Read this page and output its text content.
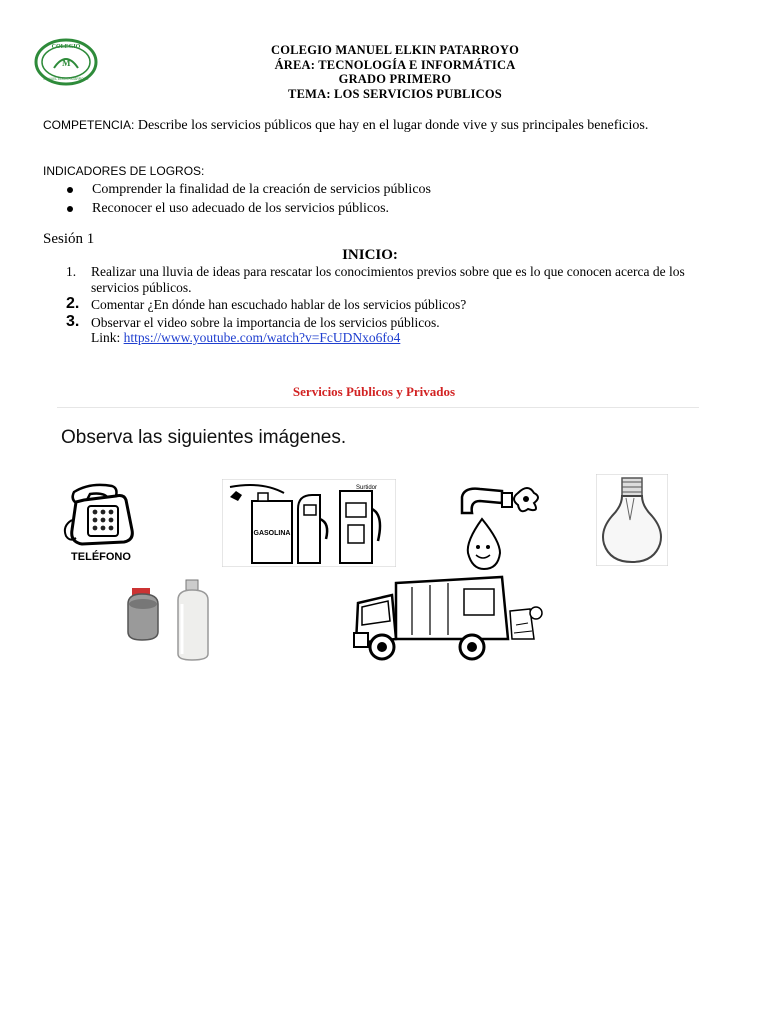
COLEGIO
M
MANUEL ELKIN PATARROYO
COLEGIO MANUEL ELKIN PATARROYO
ÁREA: TECNOLOGÍA E INFORMÁTICA
GRADO PRIMERO
TEMA: LOS SERVICIOS PUBLICOS
COMPETENCIA: Describe los servicios públicos que hay en el lugar donde vive y sus principales beneficios.
INDICADORES DE LOGROS:
Comprender la finalidad de la creación de servicios públicos
Reconocer el uso adecuado de los servicios públicos.
Sesión 1
INICIO:
1. Realizar una lluvia de ideas para rescatar los conocimientos previos sobre que es lo que conocen acerca de los servicios públicos.
2. Comentar ¿En dónde han escuchado hablar de los servicios públicos?
3. Observar el video sobre la importancia de los servicios públicos.
Link: https://www.youtube.com/watch?v=FcUDNxo6fo4
Servicios Públicos y Privados
Observa las siguientes imágenes.
TELÉFONO
GASOLINA
Surtidor
